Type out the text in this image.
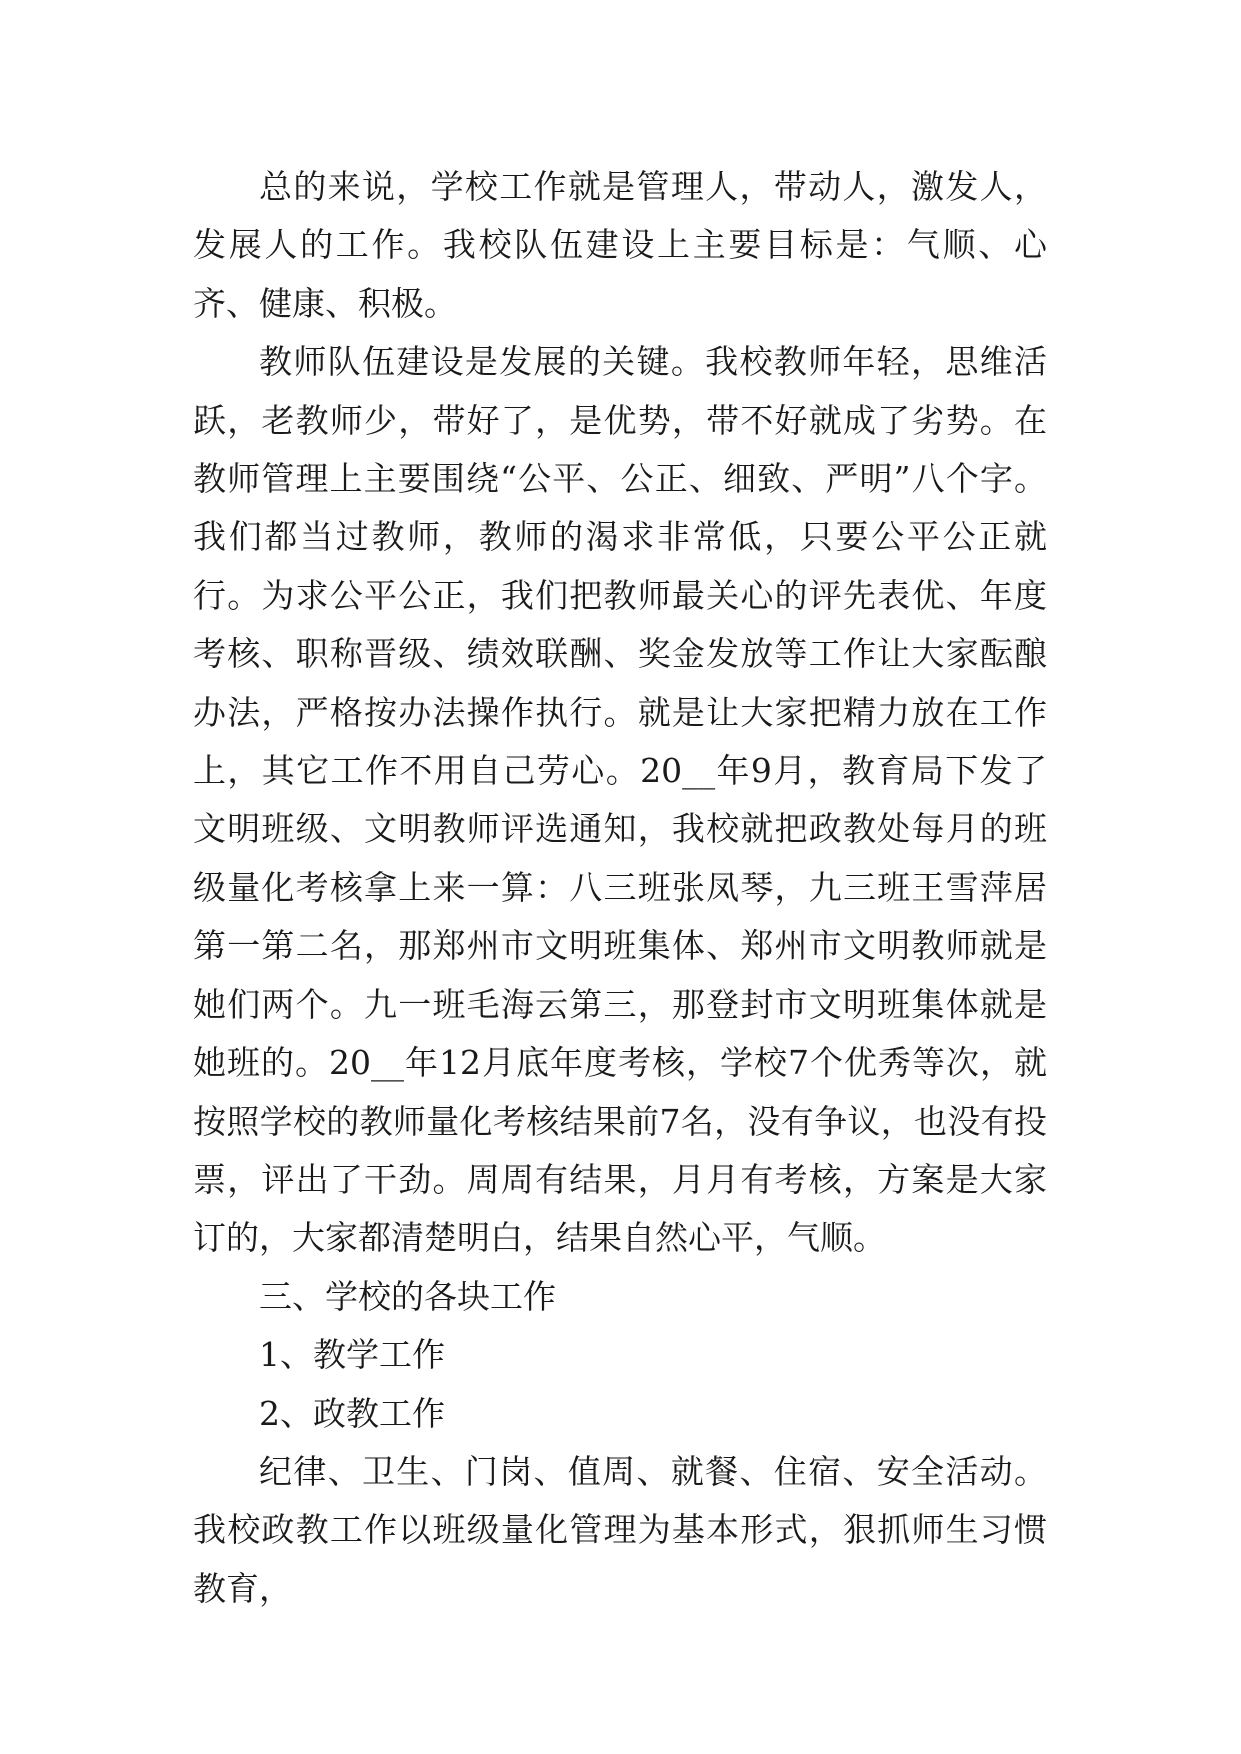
总的来说，学校工作就是管理人，带动人，激发人，发展人的工作。我校队伍建设上主要目标是：气顺、心齐、健康、积极。

教师队伍建设是发展的关键。我校教师年轻，思维活跃，老教师少，带好了，是优势，带不好就成了劣势。在教师管理上主要围绕“公平、公正、细致、严明”八个字。我们都当过教师，教师的渴求非常低，只要公平公正就行。为求公平公正，我们把教师最关心的评先表优、年度考核、职称晋级、绩效联酬、奖金发放等工作让大家酝酿办法，严格按办法操作执行。就是让大家把精力放在工作上，其它工作不用自己劳心。20__年9月，教育局下发了文明班级、文明教师评选通知，我校就把政教处每月的班级量化考核拿上来一算：八三班张凤琴，九三班王雪萍居第一第二名，那郑州市文明班集体、郑州市文明教师就是她们两个。九一班毛海云第三，那登封市文明班集体就是她班的。20__年12月底年度考核，学校7个优秀等次，就按照学校的教师量化考核结果前7名，没有争议，也没有投票，评出了干劲。周周有结果，月月有考核，方案是大家订的，大家都清楚明白，结果自然心平，气顺。

三、学校的各块工作

1、教学工作

2、政教工作

纪律、卫生、门岗、值周、就餐、住宿、安全活动。我校政教工作以班级量化管理为基本形式，狠抓师生习惯教育，
